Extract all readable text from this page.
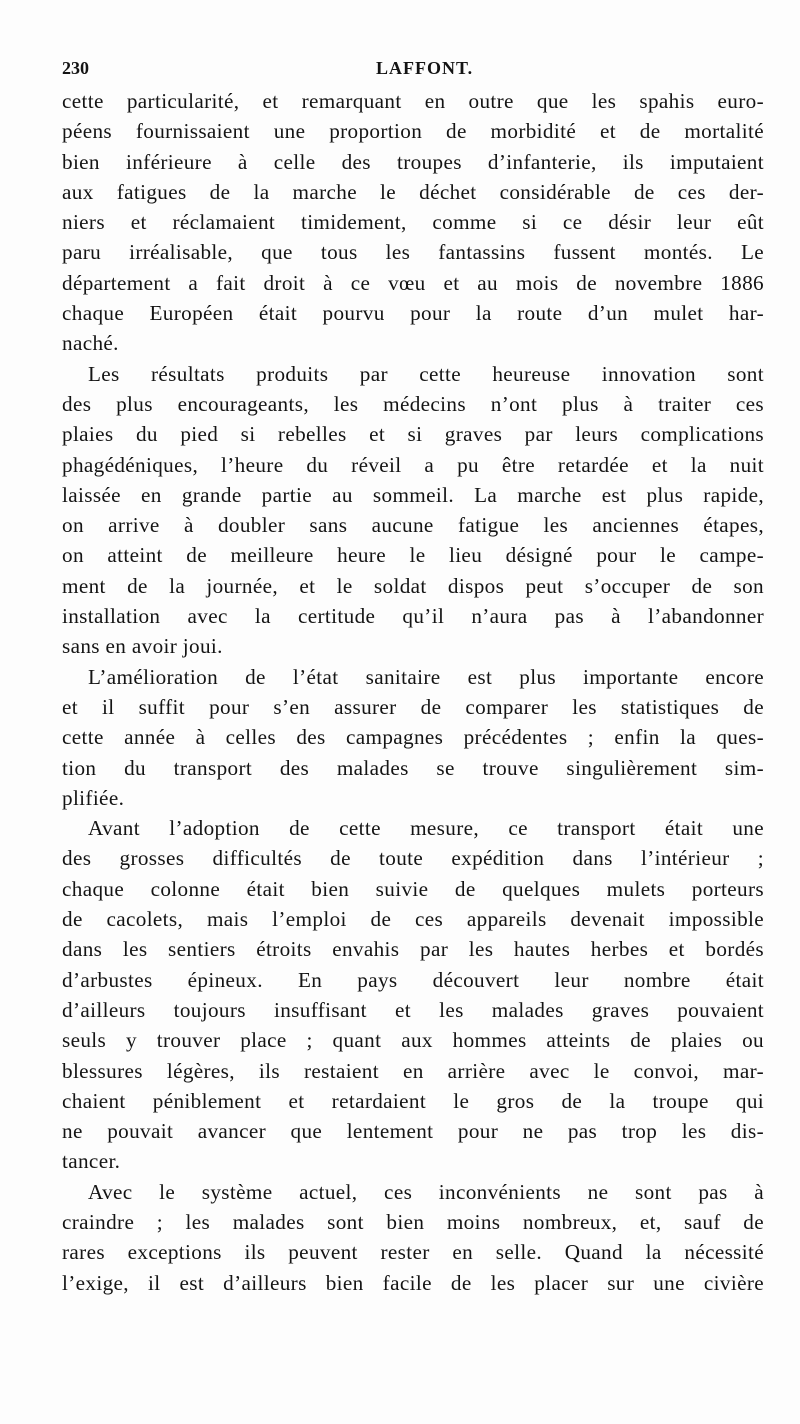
230	LAFFONT.
cette particularité, et remarquant en outre que les spahis euro-
péens fournissaient une proportion de morbidité et de mortalité
bien inférieure à celle des troupes d’infanterie, ils imputaient
aux fatigues de la marche le déchet considérable de ces der-
niers et réclamaient timidement, comme si ce désir leur eût
paru irréalisable, que tous les fantassins fussent montés. Le
département a fait droit à ce vœu et au mois de novembre 1886
chaque Européen était pourvu pour la route d’un mulet har-
naché.
Les résultats produits par cette heureuse innovation sont
des plus encourageants, les médecins n’ont plus à traiter ces
plaies du pied si rebelles et si graves par leurs complications
phagédéniques, l’heure du réveil a pu être retardée et la nuit
laissée en grande partie au sommeil. La marche est plus rapide,
on arrive à doubler sans aucune fatigue les anciennes étapes,
on atteint de meilleure heure le lieu désigné pour le campe-
ment de la journée, et le soldat dispos peut s’occuper de son
installation avec la certitude qu’il n’aura pas à l’abandonner
sans en avoir joui.
L’amélioration de l’état sanitaire est plus importante encore
et il suffit pour s’en assurer de comparer les statistiques de
cette année à celles des campagnes précédentes ; enfin la ques-
tion du transport des malades se trouve singulièrement sim-
plifiée.
Avant l’adoption de cette mesure, ce transport était une
des grosses difficultés de toute expédition dans l’intérieur ;
chaque colonne était bien suivie de quelques mulets porteurs
de cacolets, mais l’emploi de ces appareils devenait impossible
dans les sentiers étroits envahis par les hautes herbes et bordés
d’arbustes épineux. En pays découvert leur nombre était
d’ailleurs toujours insuffisant et les malades graves pouvaient
seuls y trouver place ; quant aux hommes atteints de plaies ou
blessures légères, ils restaient en arrière avec le convoi, mar-
chaient péniblement et retardaient le gros de la troupe qui
ne pouvait avancer que lentement pour ne pas trop les dis-
tancer.
Avec le système actuel, ces inconvénients ne sont pas à
craindre ; les malades sont bien moins nombreux, et, sauf de
rares exceptions ils peuvent rester en selle. Quand la nécessité
l’exige, il est d’ailleurs bien facile de les placer sur une civière
